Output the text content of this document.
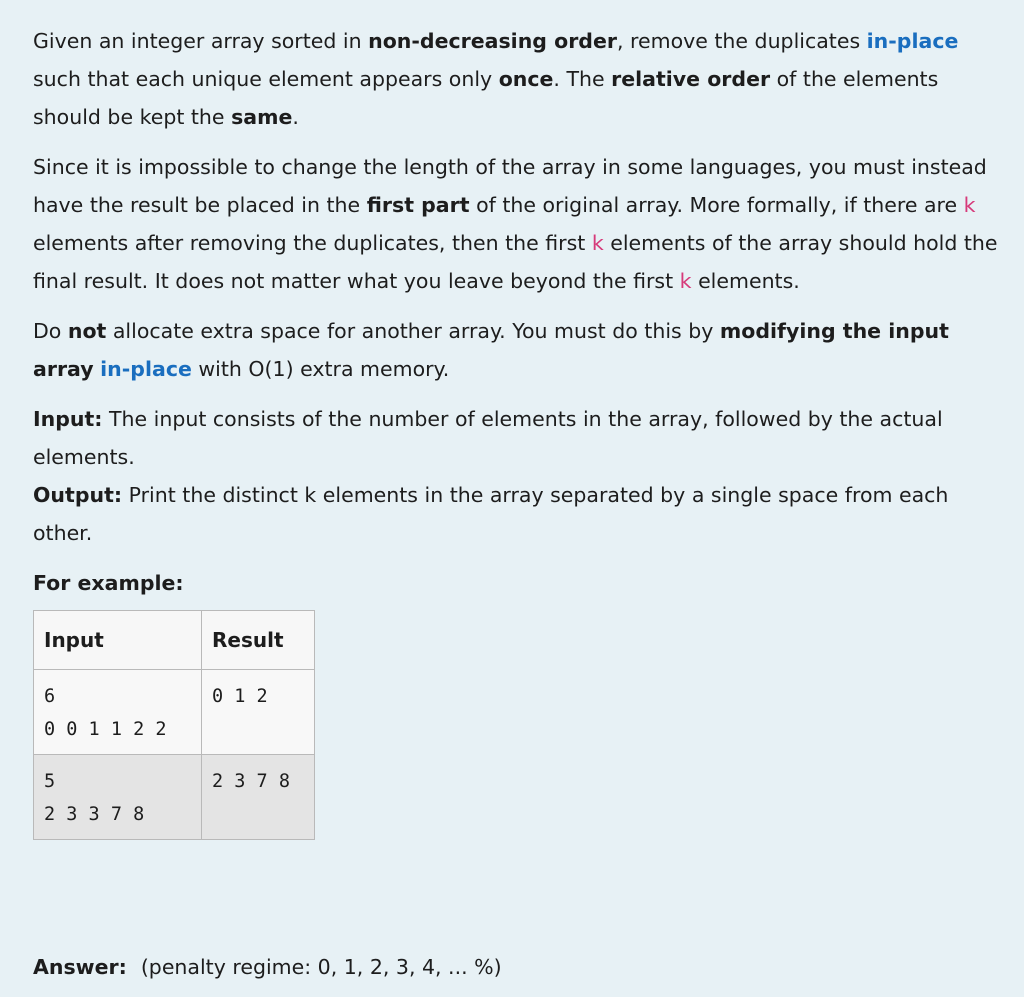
Given an integer array sorted in non-decreasing order, remove the duplicates in-place such that each unique element appears only once. The relative order of the elements should be kept the same.

Since it is impossible to change the length of the array in some languages, you must instead have the result be placed in the first part of the original array. More formally, if there are k elements after removing the duplicates, then the first k elements of the array should hold the final result. It does not matter what you leave beyond the first k elements.

Do not allocate extra space for another array. You must do this by modifying the input array in-place with O(1) extra memory.

Input: The input consists of the number of elements in the array, followed by the actual elements.

Output: Print the distinct k elements in the array separated by a single space from each other.

For example:

Input	Result
6
0 0 1 1 2 2	0 1 2
5
2 3 3 7 8	2 3 7 8
Answer: (penalty regime: 0, 1, 2, 3, 4, ... %)
